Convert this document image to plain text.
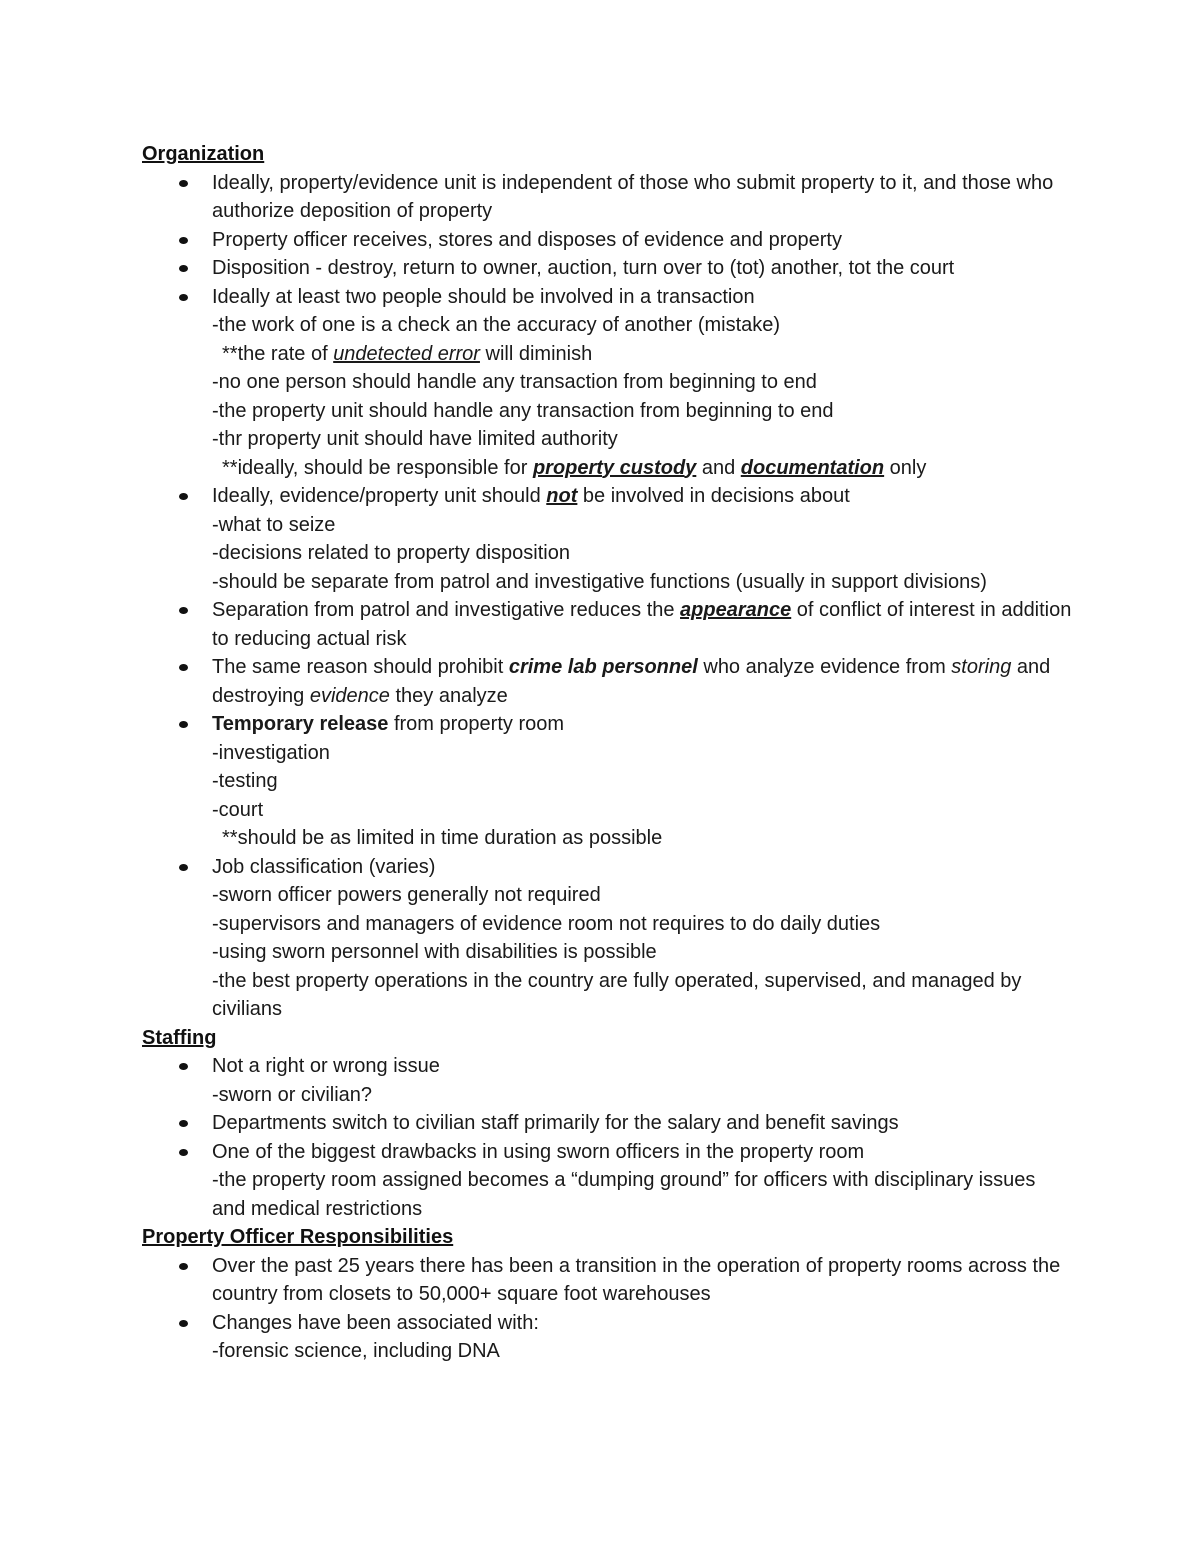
Organization
Ideally, property/evidence unit is independent of those who submit property to it, and those who authorize deposition of property
Property officer receives, stores and disposes of evidence and property
Disposition - destroy, return to owner, auction, turn over to (tot) another, tot the court
Ideally at least two people should be involved in a transaction
-the work of one is a check an the accuracy of another (mistake)
**the rate of undetected error will diminish
-no one person should handle any transaction from beginning to end
-the property unit should handle any transaction from beginning to end
-thr property unit should have limited authority
**ideally, should be responsible for property custody and documentation only
Ideally, evidence/property unit should not be involved in decisions about
-what to seize
-decisions related to property disposition
-should be separate from patrol and investigative functions (usually in support divisions)
Separation from patrol and investigative reduces the appearance of conflict of interest in addition to reducing actual risk
The same reason should prohibit crime lab personnel who analyze evidence from storing and destroying evidence they analyze
Temporary release from property room
-investigation
-testing
-court
**should be as limited in time duration as possible
Job classification (varies)
-sworn officer powers generally not required
-supervisors and managers of evidence room not requires to do daily duties
-using sworn personnel with disabilities is possible
-the best property operations in the country are fully operated, supervised, and managed by civilians
Staffing
Not a right or wrong issue
-sworn or civilian?
Departments switch to civilian staff primarily for the salary and benefit savings
One of the biggest drawbacks in using sworn officers in the property room
-the property room assigned becomes a “dumping ground” for officers with disciplinary issues and medical restrictions
Property Officer Responsibilities
Over the past 25 years there has been a transition in the operation of property rooms across the country from closets to 50,000+ square foot warehouses
Changes have been associated with:
-forensic science, including DNA
